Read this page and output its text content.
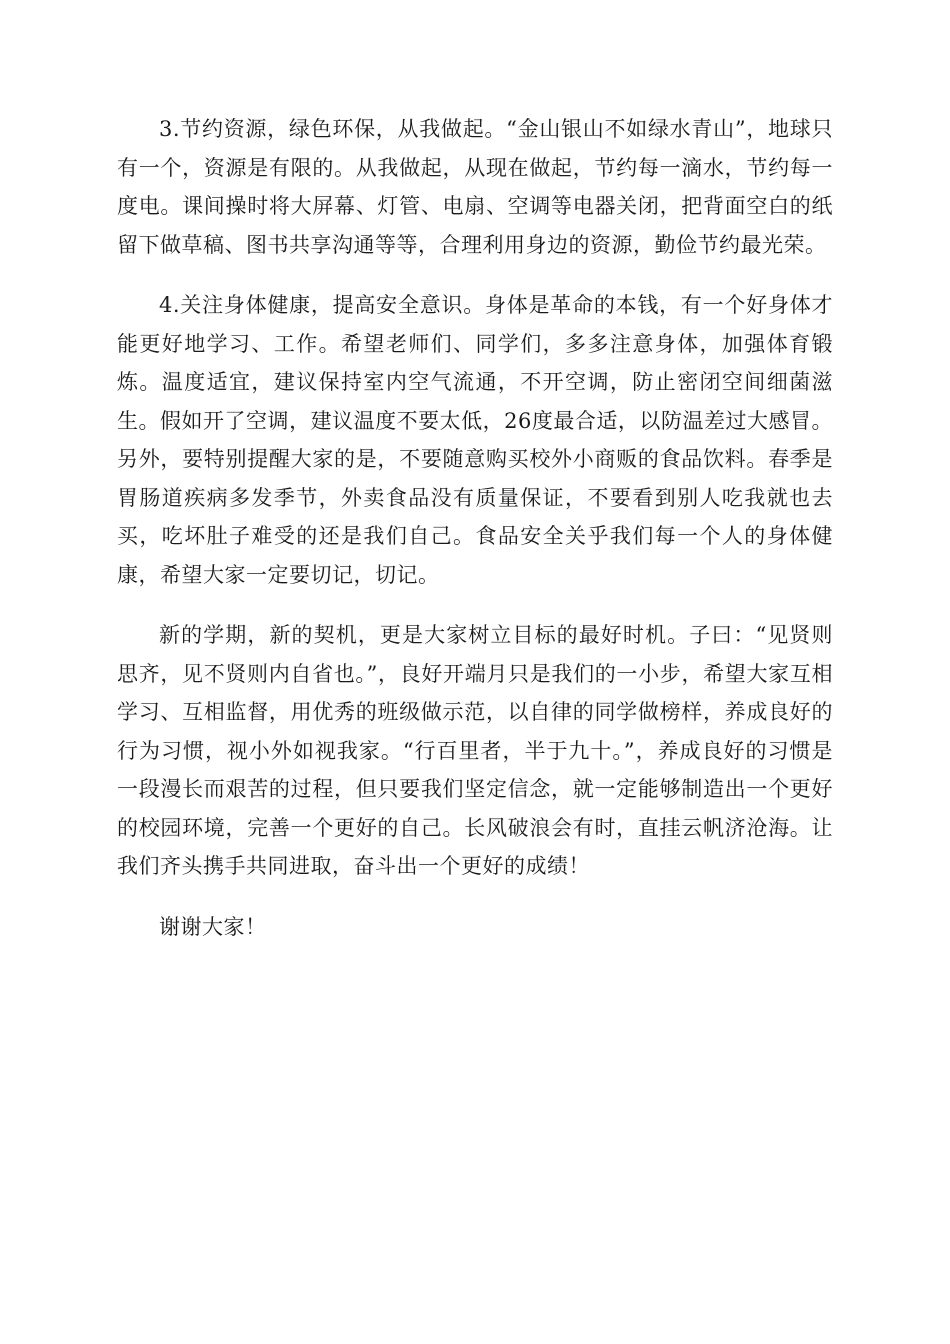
3.节约资源，绿色环保，从我做起。“金山银山不如绿水青山”，地球只有一个，资源是有限的。从我做起，从现在做起，节约每一滴水，节约每一度电。课间操时将大屏幕、灯管、电扇、空调等电器关闭，把背面空白的纸留下做草稿、图书共享沟通等等，合理利用身边的资源，勤俭节约最光荣。

4.关注身体健康，提高安全意识。身体是革命的本钱，有一个好身体才能更好地学习、工作。希望老师们、同学们，多多注意身体，加强体育锻炼。温度适宜，建议保持室内空气流通，不开空调，防止密闭空间细菌滋生。假如开了空调，建议温度不要太低，26度最合适，以防温差过大感冒。另外，要特别提醒大家的是，不要随意购买校外小商贩的食品饮料。春季是胃肠道疾病多发季节，外卖食品没有质量保证，不要看到别人吃我就也去买，吃坏肚子难受的还是我们自己。食品安全关乎我们每一个人的身体健康，希望大家一定要切记，切记。

新的学期，新的契机，更是大家树立目标的最好时机。子曰：“见贤则思齐，见不贤则内自省也。”，良好开端月只是我们的一小步，希望大家互相学习、互相监督，用优秀的班级做示范，以自律的同学做榜样，养成良好的行为习惯，视小外如视我家。“行百里者，半于九十。”，养成良好的习惯是一段漫长而艰苦的过程，但只要我们坚定信念，就一定能够制造出一个更好的校园环境，完善一个更好的自己。长风破浪会有时，直挂云帆济沧海。让我们齐头携手共同进取，奋斗出一个更好的成绩！

谢谢大家！
